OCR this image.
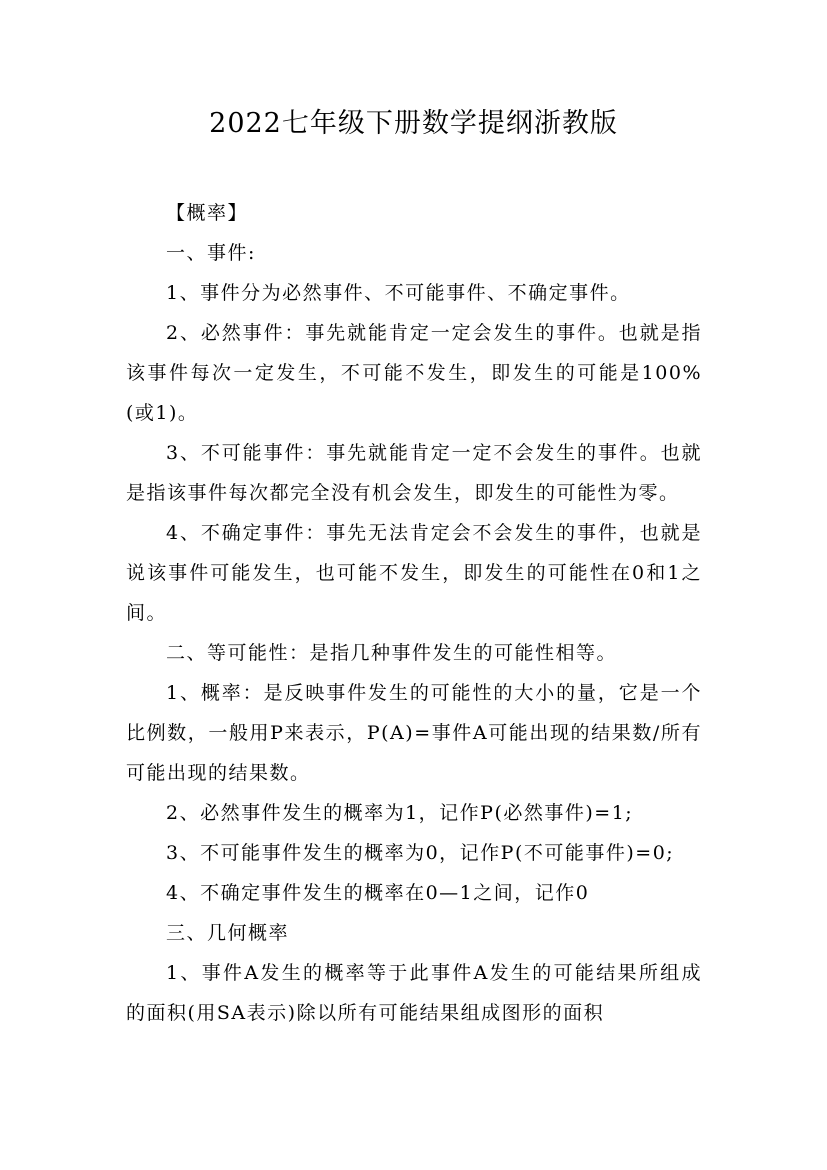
2022七年级下册数学提纲浙教版

【概率】

一、事件:

1、事件分为必然事件、不可能事件、不确定事件。

2、必然事件：事先就能肯定一定会发生的事件。也就是指该事件每次一定发生，不可能不发生，即发生的可能是100%(或1)。

3、不可能事件：事先就能肯定一定不会发生的事件。也就是指该事件每次都完全没有机会发生，即发生的可能性为零。

4、不确定事件：事先无法肯定会不会发生的事件，也就是说该事件可能发生，也可能不发生，即发生的可能性在0和1之间。

二、等可能性：是指几种事件发生的可能性相等。

1、概率：是反映事件发生的可能性的大小的量，它是一个比例数，一般用P来表示，P(A)=事件A可能出现的结果数/所有可能出现的结果数。

2、必然事件发生的概率为1，记作P(必然事件)=1;

3、不可能事件发生的概率为0，记作P(不可能事件)=0;

4、不确定事件发生的概率在0—1之间，记作0

三、几何概率

1、事件A发生的概率等于此事件A发生的可能结果所组成的面积(用SA表示)除以所有可能结果组成图形的面积
